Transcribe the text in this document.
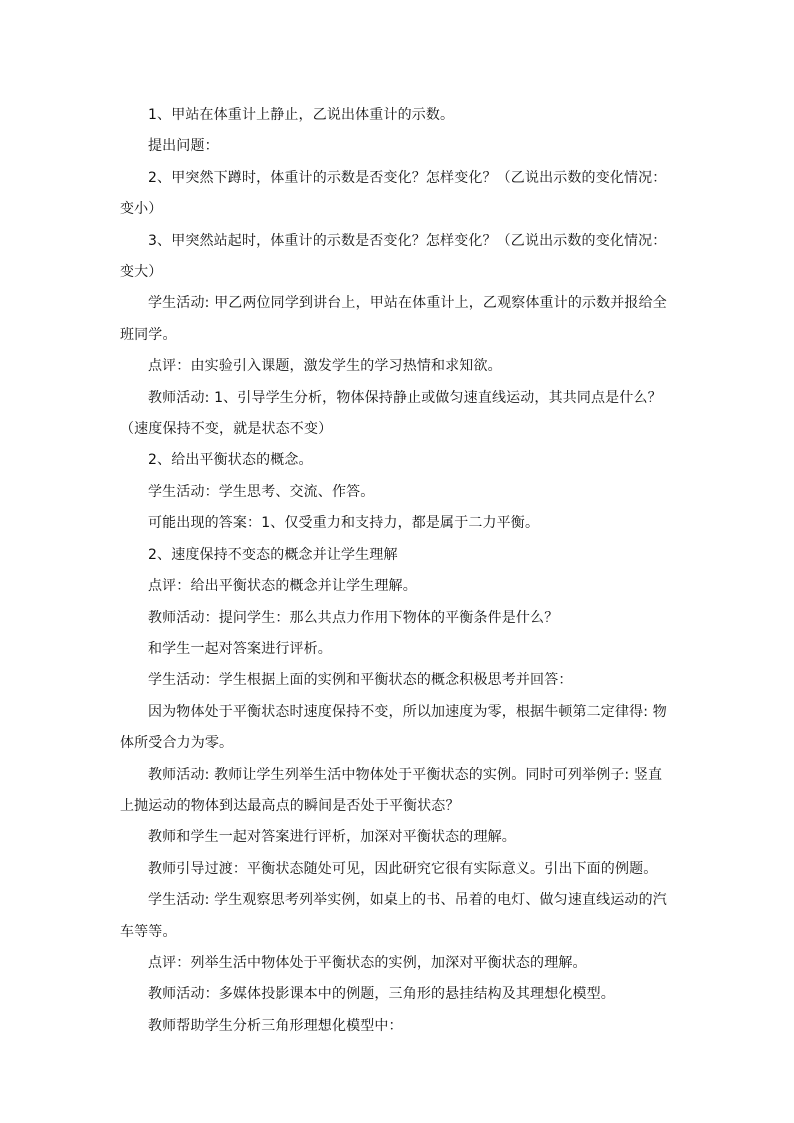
1、甲站在体重计上静止，乙说出体重计的示数。

提出问题：

2、甲突然下蹲时，体重计的示数是否变化？怎样变化？（乙说出示数的变化情况：变小）

3、甲突然站起时，体重计的示数是否变化？怎样变化？（乙说出示数的变化情况：变大）

学生活动: 甲乙两位同学到讲台上，甲站在体重计上，乙观察体重计的示数并报给全班同学。

点评：由实验引入课题，激发学生的学习热情和求知欲。

教师活动: 1、引导学生分析，物体保持静止或做匀速直线运动，其共同点是什么？（速度保持不变，就是状态不变）

2、给出平衡状态的概念。

学生活动：学生思考、交流、作答。

可能出现的答案：1、仅受重力和支持力，都是属于二力平衡。

2、速度保持不变态的概念并让学生理解

点评：给出平衡状态的概念并让学生理解。

教师活动：提问学生：那么共点力作用下物体的平衡条件是什么？

和学生一起对答案进行评析。

学生活动：学生根据上面的实例和平衡状态的概念积极思考并回答：

因为物体处于平衡状态时速度保持不变，所以加速度为零，根据牛顿第二定律得: 物体所受合力为零。

教师活动: 教师让学生列举生活中物体处于平衡状态的实例。同时可列举例子: 竖直上抛运动的物体到达最高点的瞬间是否处于平衡状态？

教师和学生一起对答案进行评析，加深对平衡状态的理解。

教师引导过渡：平衡状态随处可见，因此研究它很有实际意义。引出下面的例题。

学生活动: 学生观察思考列举实例，如桌上的书、吊着的电灯、做匀速直线运动的汽车等等。

点评：列举生活中物体处于平衡状态的实例，加深对平衡状态的理解。

教师活动：多媒体投影课本中的例题，三角形的悬挂结构及其理想化模型。

教师帮助学生分析三角形理想化模型中：
